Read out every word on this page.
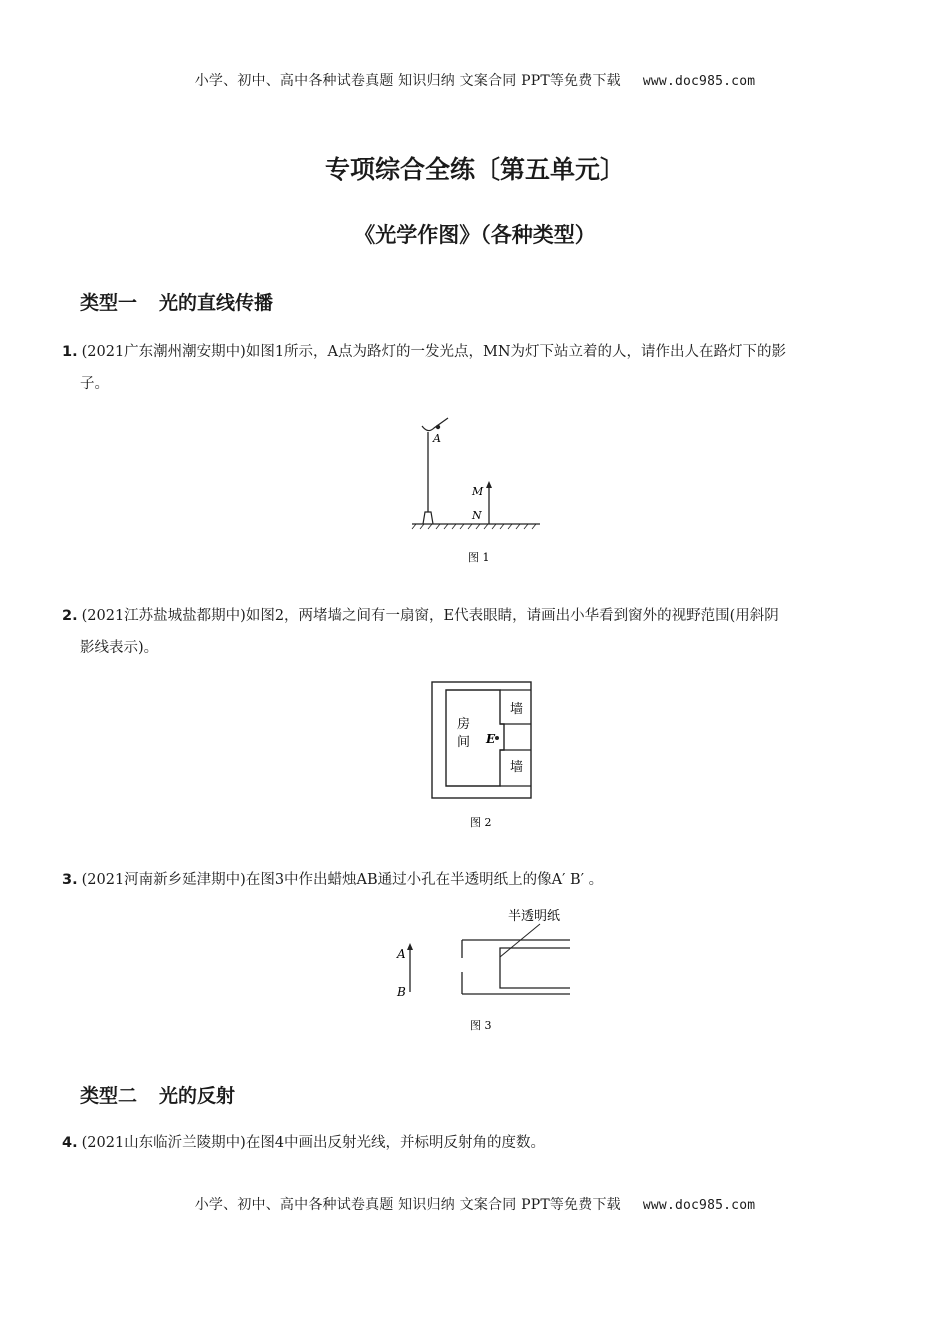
小学、初中、高中各种试卷真题 知识归纳 文案合同 PPT等免费下载 www.doc985.com
专项综合全练〔第五单元〕
《光学作图》（各种类型）
类型一 光的直线传播
1. (2021广东潮州潮安期中)如图1所示，A点为路灯的一发光点，MN为灯下站立着的人，请作出人在路灯下的影
子。
A
M
N
图 1
2. (2021江苏盐城盐都期中)如图2，两堵墙之间有一扇窗，E代表眼睛，请画出小华看到窗外的视野范围(用斜阴
影线表示)。
房
间
墙
墙
E
图 2
3. (2021河南新乡延津期中)在图3中作出蜡烛AB通过小孔在半透明纸上的像A′ B′ 。
半透明纸
A
B
图 3
类型二 光的反射
4. (2021山东临沂兰陵期中)在图4中画出反射光线，并标明反射角的度数。
小学、初中、高中各种试卷真题 知识归纳 文案合同 PPT等免费下载 www.doc985.com
